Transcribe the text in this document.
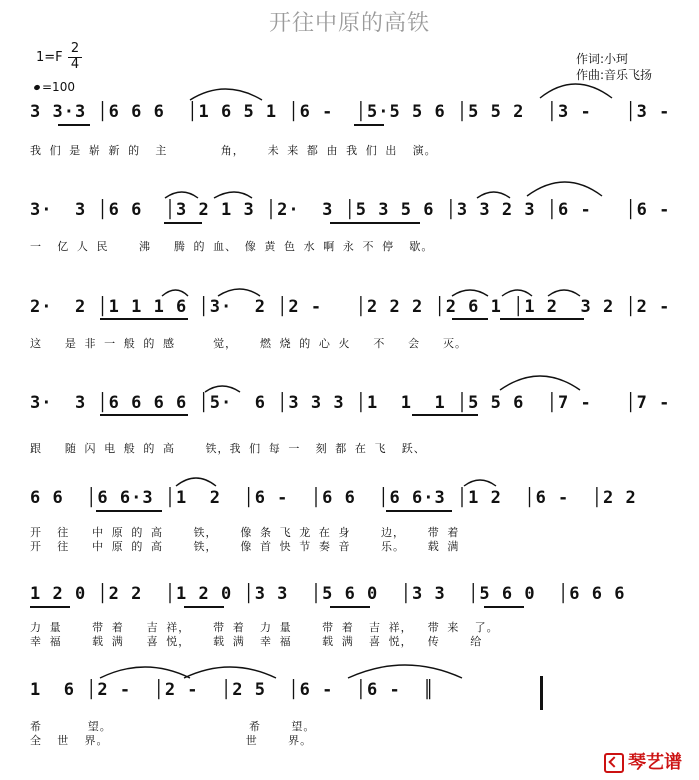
开往中原的高铁
1=F
2
4
=100
作词:小珂
作曲:音乐飞扬
3 3·3 │6 6 6  │1 6 5 1 │6 -  │5·5 5 6 │5 5 2  │3 -   │3 -
我 们 是 崭 新 的  主       角，   未 来 都 由 我 们 出  演。
3·  3 │6 6  │3 2 1 3 │2·  3 │5 3 5 6 │3 3 2 3 │6 -   │6 -
一  亿 人 民    沸   腾 的 血、 像 黄 色 水 啊 永 不 停  歇。
2·  2 │1 1 1 6 │3·  2 │2 -   │2 2 2 │2 6 1 │1 2  3 2 │2 -
这   是 非 一 般 的 感     觉，   燃 烧 的 心 火   不   会   灭。
3·  3 │6 6 6 6 │5·  6 │3 3 3 │1  1  1 │5 5 6  │7 -   │7 -
跟   随 闪 电 般 的 高    铁，我 们 每 一  刻 都 在 飞  跃、
6 6  │6 6·3 │1  2  │6 -  │6 6  │6 6·3 │1 2  │6 -  │2 2
开  往   中 原 的 高    铁，   像 条 飞 龙 在 身    边，   带 着
开  往   中 原 的 高    铁，   像 首 快 节 奏 音    乐。   载 满
1 2 0 │2 2  │1 2 0 │3 3  │5 6 0  │3 3  │5 6 0  │6 6 6
力 量    带 着   吉 祥，   带 着  力 量    带 着  吉 祥，  带 来  了。
幸 福    载 满   喜 悦，   载 满  幸 福    载 满  喜 悦，  传    给
1  6 │2 -  │2 -  │2 5  │6 -  │6 -  ║
希      望。                  希    望。
全  世  界。                  世    界。
琴艺谱
